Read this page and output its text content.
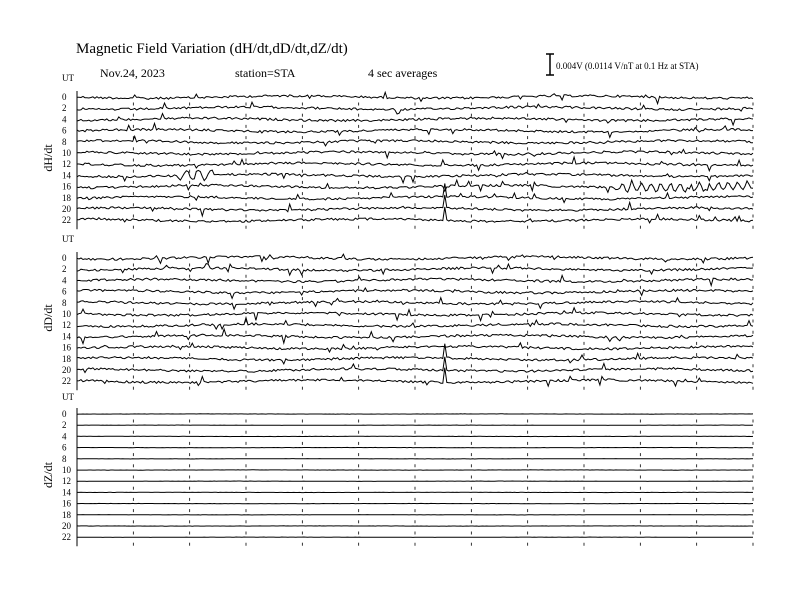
Magnetic Field Variation (dH/dt,dD/dt,dZ/dt)
Nov.24, 2023	station=STA	4 sec averages	0.004V (0.0114 V/nT at 0.1 Hz at STA)
UT
dH/dt
0
2
4
6
8
10
12
14
16
18
20
22
UT
dD/dt
0
2
4
6
8
10
12
14
16
18
20
22
UT
dZ/dt
0
2
4
6
8
10
12
14
16
18
20
22
